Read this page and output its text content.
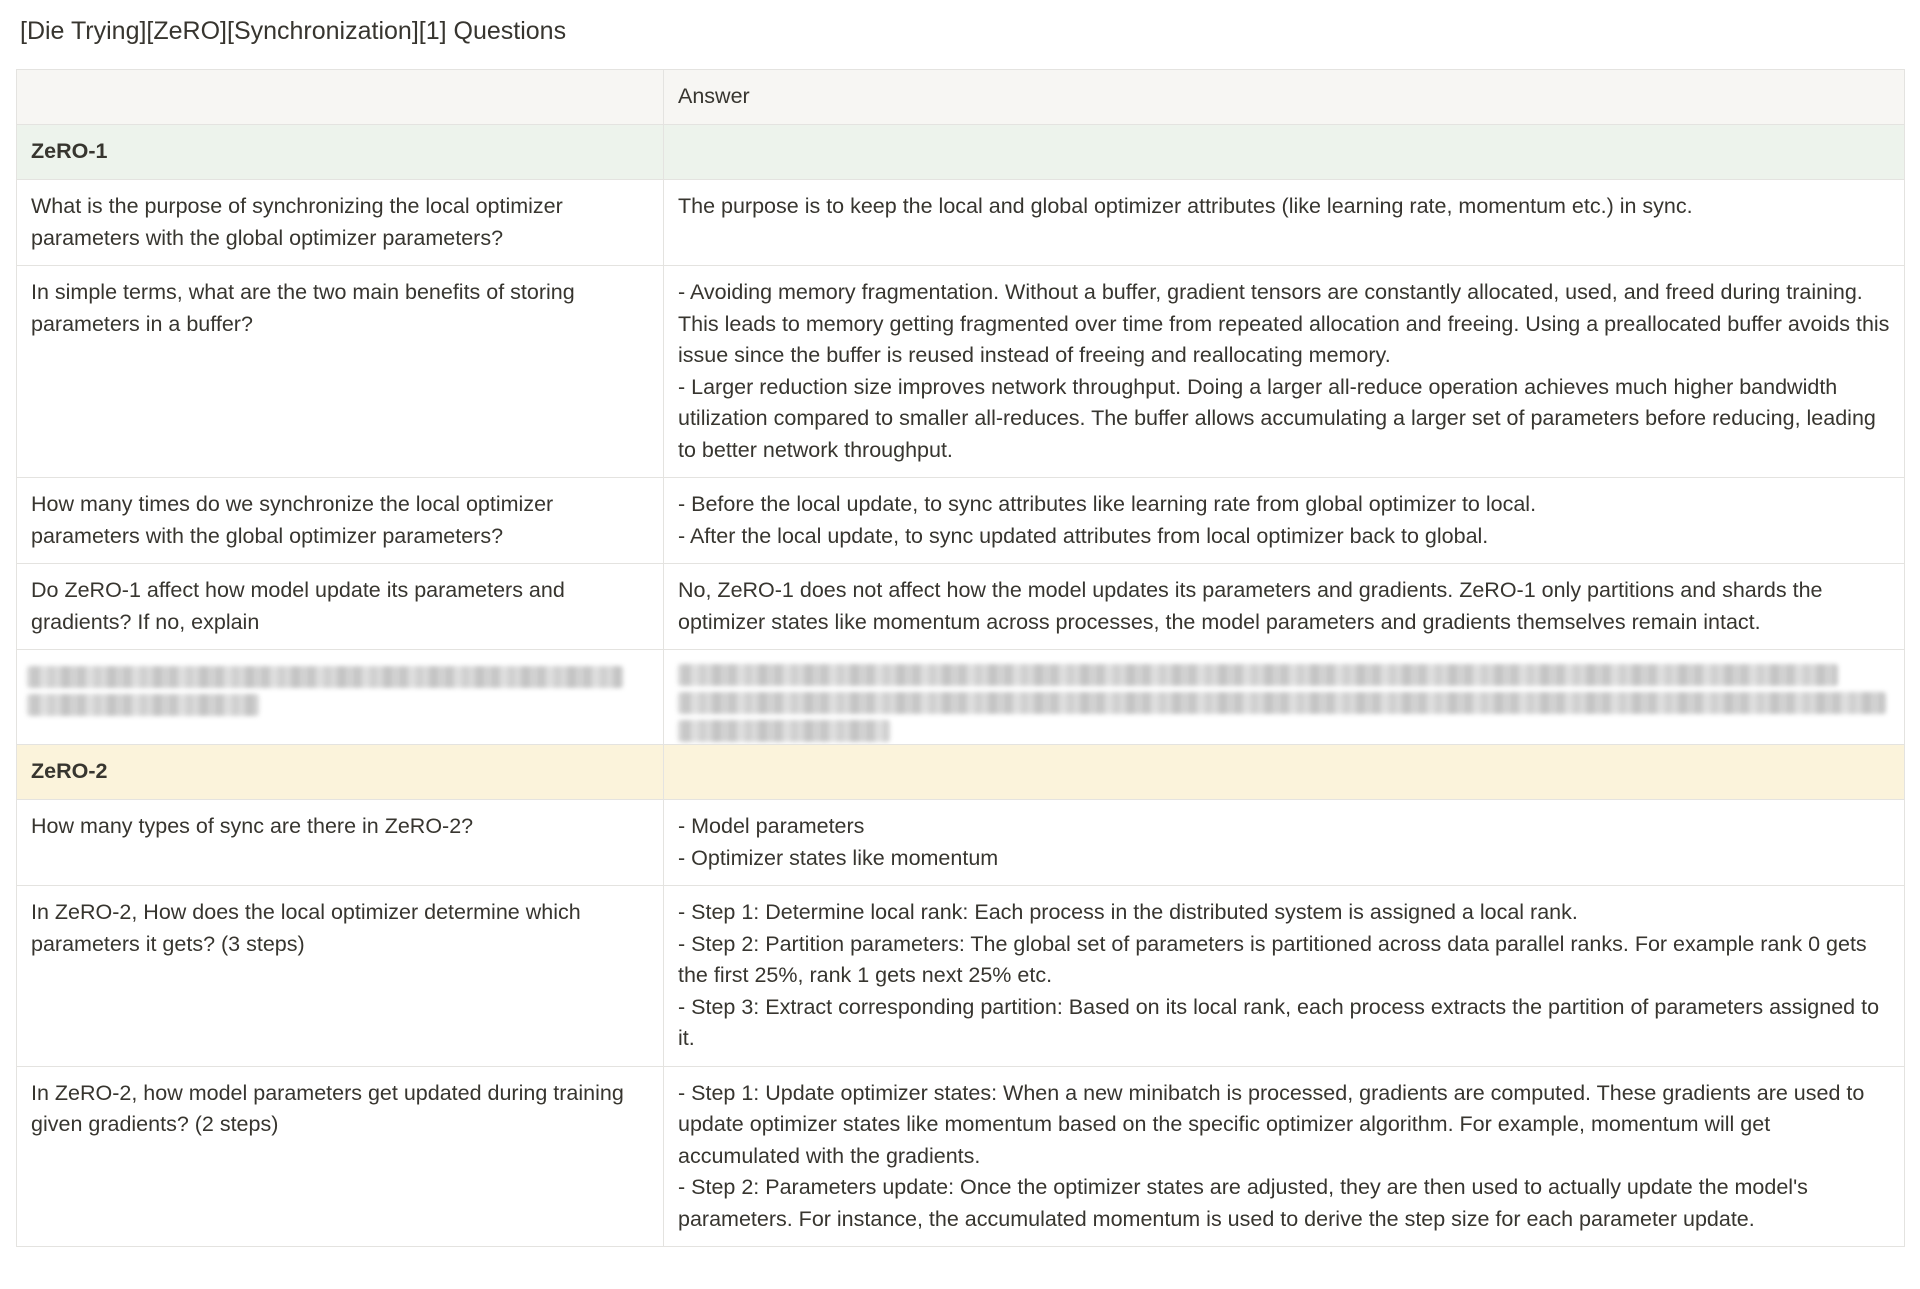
[Die Trying][ZeRO][Synchronization][1] Questions
	Answer
ZeRO-1	
What is the purpose of synchronizing the local optimizer parameters with the global optimizer parameters?	The purpose is to keep the local and global optimizer attributes (like learning rate, momentum etc.) in sync.

In simple terms, what are the two main benefits of storing parameters in a buffer?	- Avoiding memory fragmentation. Without a buffer, gradient tensors are constantly allocated, used, and freed during training. This leads to memory getting fragmented over time from repeated allocation and freeing. Using a preallocated buffer avoids this issue since the buffer is reused instead of freeing and reallocating memory.
- Larger reduction size improves network throughput. Doing a larger all-reduce operation achieves much higher bandwidth utilization compared to smaller all-reduces. The buffer allows accumulating a larger set of parameters before reducing, leading to better network throughput.

How many times do we synchronize the local optimizer parameters with the global optimizer parameters?	- Before the local update, to sync attributes like learning rate from global optimizer to local.
- After the local update, to sync updated attributes from local optimizer back to global.

Do ZeRO-1 affect how model update its parameters and gradients? If no, explain	No, ZeRO-1 does not affect how the model updates its parameters and gradients. ZeRO-1 only partitions and shards the optimizer states like momentum across processes, the model parameters and gradients themselves remain intact.

ZeRO-2	
How many types of sync are there in ZeRO-2?	- Model parameters
- Optimizer states like momentum

In ZeRO-2, How does the local optimizer determine which parameters it gets? (3 steps)	- Step 1: Determine local rank: Each process in the distributed system is assigned a local rank.
- Step 2: Partition parameters: The global set of parameters is partitioned across data parallel ranks. For example rank 0 gets the first 25%, rank 1 gets next 25% etc.
- Step 3: Extract corresponding partition: Based on its local rank, each process extracts the partition of parameters assigned to it.

In ZeRO-2, how model parameters get updated during training given gradients? (2 steps)	- Step 1: Update optimizer states: When a new minibatch is processed, gradients are computed. These gradients are used to update optimizer states like momentum based on the specific optimizer algorithm. For example, momentum will get accumulated with the gradients.
- Step 2: Parameters update: Once the optimizer states are adjusted, they are then used to actually update the model's parameters. For instance, the accumulated momentum is used to derive the step size for each parameter update.
